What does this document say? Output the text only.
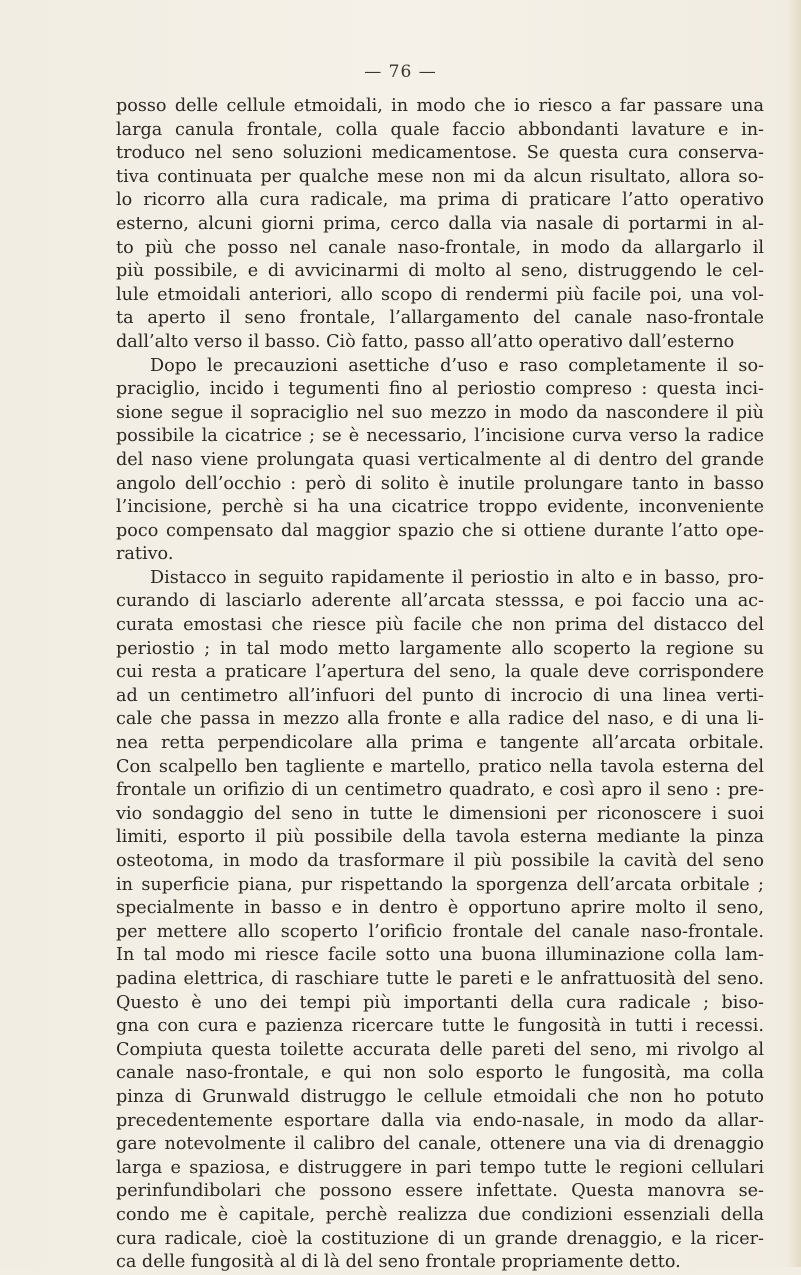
— 76 —
posso delle cellule etmoidali, in modo che io riesco a far passare una
larga canula frontale, colla quale faccio abbondanti lavature e in-
troduco nel seno soluzioni medicamentose. Se questa cura conserva-
tiva continuata per qualche mese non mi da alcun risultato, allora so-
lo ricorro alla cura radicale, ma prima di praticare l’atto operativo
esterno, alcuni giorni prima, cerco dalla via nasale di portarmi in al-
to più che posso nel canale naso-frontale, in modo da allargarlo il
più possibile, e di avvicinarmi di molto al seno, distruggendo le cel-
lule etmoidali anteriori, allo scopo di rendermi più facile poi, una vol-
ta aperto il seno frontale, l’allargamento del canale naso-frontale
dall’alto verso il basso. Ciò fatto, passo all’atto operativo dall’esterno
Dopo le precauzioni asettiche d’uso e raso completamente il so-
praciglio, incido i tegumenti fino al periostio compreso : questa inci-
sione segue il sopraciglio nel suo mezzo in modo da nascondere il più
possibile la cicatrice ; se è necessario, l’incisione curva verso la radice
del naso viene prolungata quasi verticalmente al di dentro del grande
angolo dell’occhio : però di solito è inutile prolungare tanto in basso
l’incisione, perchè si ha una cicatrice troppo evidente, inconveniente
poco compensato dal maggior spazio che si ottiene durante l’atto ope-
rativo.
Distacco in seguito rapidamente il periostio in alto e in basso, pro-
curando di lasciarlo aderente all’arcata stesssa, e poi faccio una ac-
curata emostasi che riesce più facile che non prima del distacco del
periostio ; in tal modo metto largamente allo scoperto la regione su
cui resta a praticare l’apertura del seno, la quale deve corrispondere
ad un centimetro all’infuori del punto di incrocio di una linea verti-
cale che passa in mezzo alla fronte e alla radice del naso, e di una li-
nea retta perpendicolare alla prima e tangente all’arcata orbitale.
Con scalpello ben tagliente e martello, pratico nella tavola esterna del
frontale un orifizio di un centimetro quadrato, e così apro il seno : pre-
vio sondaggio del seno in tutte le dimensioni per riconoscere i suoi
limiti, esporto il più possibile della tavola esterna mediante la pinza
osteotoma, in modo da trasformare il più possibile la cavità del seno
in superficie piana, pur rispettando la sporgenza dell’arcata orbitale ;
specialmente in basso e in dentro è opportuno aprire molto il seno,
per mettere allo scoperto l’orificio frontale del canale naso-frontale.
In tal modo mi riesce facile sotto una buona illuminazione colla lam-
padina elettrica, di raschiare tutte le pareti e le anfrattuosità del seno.
Questo è uno dei tempi più importanti della cura radicale ; biso-
gna con cura e pazienza ricercare tutte le fungosità in tutti i recessi.
Compiuta questa toilette accurata delle pareti del seno, mi rivolgo al
canale naso-frontale, e qui non solo esporto le fungosità, ma colla
pinza di Grunwald distruggo le cellule etmoidali che non ho potuto
precedentemente esportare dalla via endo-nasale, in modo da allar-
gare notevolmente il calibro del canale, ottenere una via di drenaggio
larga e spaziosa, e distruggere in pari tempo tutte le regioni cellulari
perinfundibolari che possono essere infettate. Questa manovra se-
condo me è capitale, perchè realizza due condizioni essenziali della
cura radicale, cioè la costituzione di un grande drenaggio, e la ricer-
ca delle fungosità al di là del seno frontale propriamente detto.
